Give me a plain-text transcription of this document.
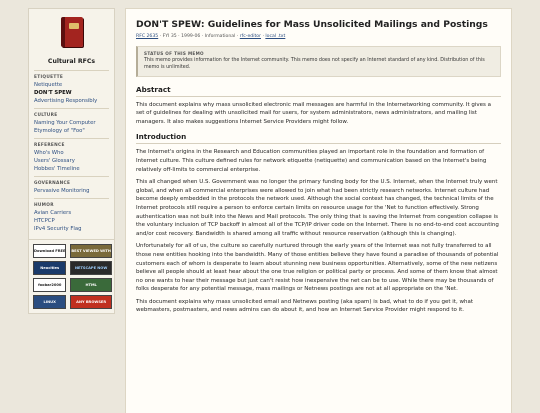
Cultural RFCs
ETIQUETTE
Netiquette
DON'T SPEW
Advertising Responsibly
CULTURE
Naming Your Computer
Etymology of "Foo"
REFERENCE
Who's Who
Users' Glossary
Hobbes' Timeline
GOVERNANCE
Pervasive Monitoring
HUMOR
Avian Carriers
HTCPCP
IPv4 Security Flag
Download FREE BEST VIEWED WITH
Neocities	NETSCAPE NOW
foobar2000	HTML
LINUX	ANY BROWSER
DON'T SPEW: Guidelines for Mass Unsolicited Mailings and Postings
RFC 2635 · FYI 35 · 1999-06 · Informational · rfc-editor · local .txt
STATUS OF THIS MEMO
This memo provides information for the Internet community. This memo does not specify an Internet standard of any kind. Distribution of this memo is unlimited.
Abstract

This document explains why mass unsolicited electronic mail messages are harmful in the Internetworking community. It gives a set of guidelines for dealing with unsolicited mail for users, for system administrators, news administrators, and mailing list managers. It also makes suggestions Internet Service Providers might follow.

Introduction

The Internet's origins in the Research and Education communities played an important role in the foundation and formation of Internet culture. This culture defined rules for network etiquette (netiquette) and communication based on the Internet's being relatively off-limits to commercial enterprise.

This all changed when U.S. Government was no longer the primary funding body for the U.S. Internet, when the Internet truly went global, and when all commercial enterprises were allowed to join what had been strictly research networks. Internet culture had become deeply embedded in the protocols the network used. Although the social context has changed, the technical limits of the Internet protocols still require a person to enforce certain limits on resource usage for the 'Net to function effectively. Strong authentication was not built into the News and Mail protocols. The only thing that is saving the Internet from congestion collapse is the voluntary inclusion of TCP backoff in almost all of the TCP/IP driver code on the Internet. There is no end-to-end cost accounting and/or cost recovery. Bandwidth is shared among all traffic without resource reservation (although this is changing).

Unfortunately for all of us, the culture so carefully nurtured through the early years of the Internet was not fully transferred to all those new entities hooking into the bandwidth. Many of those entities believe they have found a paradise of thousands of potential customers each of whom is desperate to learn about stunning new business opportunities. Alternatively, some of the new netizens believe all people should at least hear about the one true religion or political party or process. And some of them know that almost no one wants to hear their message but just can't resist how inexpensive the net can be to use. While there may be thousands of folks desperate for any potential message, mass mailings or Netnews postings are not at all appropriate on the 'Net.

This document explains why mass unsolicited email and Netnews posting (aka spam) is bad, what to do if you get it, what webmasters, postmasters, and news admins can do about it, and how an Internet Service Provider might respond to it.
